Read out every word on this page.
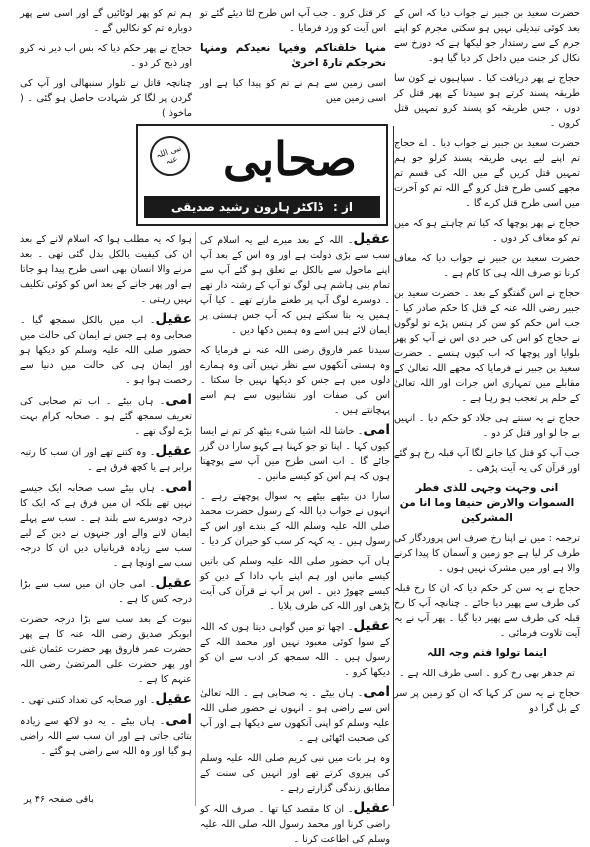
ہم تم کو پھر لوٹائیں گے اور اسی سے پھر دوبارہ تم کو نکالیں گے ۔

حجاج نے پھر حکم دیا کہ بس اب دیر نہ کرو اور ذبح کر دو ۔

چنانچہ قاتل نے تلوار سنبھالی اور آپ کی گردن پر لگا کر شہادت حاصل ہو گئی ۔ ( ماخوذ )

کر قتل کرو ۔ جب آپ اس طرح لٹا دیئے گئے تو اس آیت کو ورد فرمایا ۔

منہا خلقناکم وفیہا نعیدکم ومنہا نخرجکم تارۃ اخریٰ

اسی زمین سے ہم نے تم کو پیدا کیا ہے اور اسی زمین میں

نبی اللہ عنہ صحابی
از : ڈاکٹر ہارون رشید صدیقی

حضرت سعید بن جبیر نے جواب دیا کہ اس کے بعد کوئی تبدیلی نہیں ہو سکتی مجرم کو اپنے جرم کے سے رستدار جو لیکھا ہے کہ دوزخ سے نکال کر جنت میں داخل کر دیا گیا ہو۔

حجاج نے پھر دریافت کیا ۔ سپاہیوں نے کون سا طریقہ پسند کرتے ہو سیدنا کے پھر قتل کر دوں ، جس طریقہ کو پسند کرو تمہیں قتل کروں ۔

حضرت سعید بن جبیر نے جواب دیا ۔ اے حجاج تم اپنے لیے یہی طریقہ پسند کرلو جو ہم تمہیں قتل کریں گے میں اللہ کی قسم تم مجھے کسی طرح قتل کرو گے اللہ تم کو آخرت میں اسی طرح قتل کرے گا ۔

حجاج نے پھر پوچھا کہ کیا تم چاہتے ہو کہ میں تم کو معاف کر دوں ۔

حضرت سعید بن جبیر نے جواب دیا کہ معاف کرنا تو صرف اللہ ہی کا کام ہے ۔

حجاج نے اس گفتگو کے بعد ۔ حضرت سعید بن جبیر رضی اللہ عنہ کے قتل کا حکم صادر کیا ۔ جب اس حکم کو سن کر ہنس پڑے تو لوگوں نے حجاج کو اس کی خبر دی اس نے آپ کو پھر بلوایا اور پوچھا کہ اب کیوں ہنسے ۔ حضرت سعید بن جبیر نے فرمایا کہ مجھے اللہ تعالیٰ کے مقابلے میں تمہاری اس جرات اور اللہ تعالیٰ کے حلم پر تعجب ہو رہا ہے ۔

حجاج نے یہ سنتے ہی جلاد کو حکم دیا ۔ انہیں بے جا لو اور قتل کر دو ۔

جب آپ کو قتل کیا جانے لگا آپ قبلہ رخ ہو گئے اور قرآن کی یہ آیت پڑھی ۔

انی وجہت وجہی للذی فطر السموات والارض حنیفا وما انا من المشرکین

ترجمہ : میں نے اپنا رخ صرف اس پروردگار کی طرف کر لیا ہے جو زمین و آسمان کا پیدا کرنے والا ہے اور میں مشرک نہیں ہوں ۔

حجاج نے یہ سن کر حکم دیا کہ ان کا رخ قبلہ کی طرف سے پھیر دیا جائے ۔ چنانچہ آپ کا رخ قبلہ کی طرف سے پھیر دیا گیا ۔ پھر آپ نے یہ آیت تلاوت فرمائی ۔

اینما تولوا فثم وجہ اللہ

تم جدھر بھی رخ کرو ۔ اسی طرف اللہ ہے ۔

حجاج نے یہ سن کر کہا کہ ان کو زمین پر سر کے بل گرا دو

عقیل۔ اللہ کے بعد میرے لیے یہ اسلام کی سب سے بڑی دولت ہے اور وہ اس کے بعد آپ اپنے ماحول سے بالکل بے تعلق ہو گئے آپ سے تمام بنی ہاشم ہی لوگ تو آپ کے رشتہ دار تھے ۔ دوسرے لوگ آپ پر طعنے مارتے تھے ۔ کیا آپ ہمیں یہ بتا سکتے ہیں کہ آپ جس ہستی پر ایمان لائے ہیں اسے وہ ہمیں دکھا دیں ۔

سیدنا عمر فاروق رضی اللہ عنہ نے فرمایا کہ وہ ہستی آنکھوں سے نظر نہیں آتی وہ ہمارے دلوں میں ہے جس کو دیکھا نہیں جا سکتا ۔ اس کی صفات اور نشانیوں سے ہم اسے پہچانتے ہیں ۔

امی۔ حاشا للہ اشیا شیء بیٹھ کر تم نے ایسا کیوں کہا ۔ اپنا تو جو کہنا ہے کہو سارا دن گزر جائے گا ۔ اب اسی طرح میں آپ سے پوچھتا ہوں کہ ہم اس کو کیسے مانیں ۔

سارا دن بیٹھے بیٹھے یہ سوال پوچھتے رہے ۔ انہوں نے جواب دیا اللہ کے رسول حضرت محمد صلی اللہ علیہ وسلم اللہ کے بندے اور اس کے رسول ہیں ۔ یہ کہہ کر سب کو حیران کر دیا ۔

ہاں آپ حضور صلی اللہ علیہ وسلم کی باتیں کیسے مانیں اور ہم اپنے باپ دادا کے دین کو کیسے چھوڑ دیں ۔ اس پر آپ نے قرآن کی آیت پڑھی اور اللہ کی طرف بلایا ۔

عقیل۔ اچھا تو میں گواہی دیتا ہوں کہ اللہ کے سوا کوئی معبود نہیں اور محمد اللہ کے رسول ہیں ۔ اللہ سمجھ کر ادب سے ان کو دیکھا کرو ۔

امی۔ ہاں بیٹے ۔ یہ صحابی ہے ۔ اللہ تعالیٰ اس سے راضی ہو ۔ انہوں نے حضور صلی اللہ علیہ وسلم کو اپنی آنکھوں سے دیکھا ہے اور آپ کی صحبت اٹھائی ہے ۔

وہ ہر بات میں نبی کریم صلی اللہ علیہ وسلم کی پیروی کرتے تھے اور انہیں کی سنت کے مطابق زندگی گزارتے رہے ۔

عقیل۔ ان کا مقصد کیا تھا ۔ صرف اللہ کو راضی کرنا اور محمد رسول اللہ صلی اللہ علیہ وسلم کی اطاعت کرنا ۔

ہوا کہ یہ مطلب ہوا کہ اسلام لانے کے بعد ان کی کیفیت بالکل بدل گئی تھی ۔ بعد مرنے والا انسان بھی اسی طرح پیدا ہو جاتا ہے اور پھر جانے کے بعد اس کو کوئی تکلیف نہیں رہتی ۔

عقیل۔ اب میں بالکل سمجھ گیا ۔ صحابی وہ ہے جس نے ایمان کی حالت میں حضور صلی اللہ علیہ وسلم کو دیکھا ہو اور ایمان ہی کی حالت میں دنیا سے رخصت ہوا ہو ۔

امی۔ ہاں بیٹے ۔ اب تم صحابی کی تعریف سمجھ گئے ہو ۔ صحابہ کرام بہت بڑے لوگ تھے ۔

عقیل۔ وہ کتنے تھے اور ان سب کا رتبہ برابر ہے یا کچھ فرق ہے ۔

امی۔ ہاں بیٹے سب صحابہ ایک جیسے نہیں تھے بلکہ ان میں فرق ہے کہ ایک کا درجہ دوسرے سے بلند ہے ۔ سب سے پہلے ایمان لانے والے اور جنہوں نے دین کے لیے سب سے زیادہ قربانیاں دیں ان کا درجہ سب سے اونچا ہے ۔

عقیل۔ امی جان ان میں سب سے بڑا درجہ کس کا ہے ۔

نبوت کے بعد سب سے بڑا درجہ حضرت ابوبکر صدیق رضی اللہ عنہ کا ہے پھر حضرت عمر فاروق پھر حضرت عثمان غنی اور پھر حضرت علی المرتضیٰ رضی اللہ عنہم کا ہے ۔

عقیل۔ اور صحابہ کی تعداد کتنی تھی ۔

امی۔ ہاں بیٹے ۔ یہ دو لاکھ سے زیادہ بتائی جاتی ہے اور ان سب سے اللہ راضی ہو گیا اور وہ اللہ سے راضی ہو گئے ۔

باقی صفحہ ۴۶ پر
